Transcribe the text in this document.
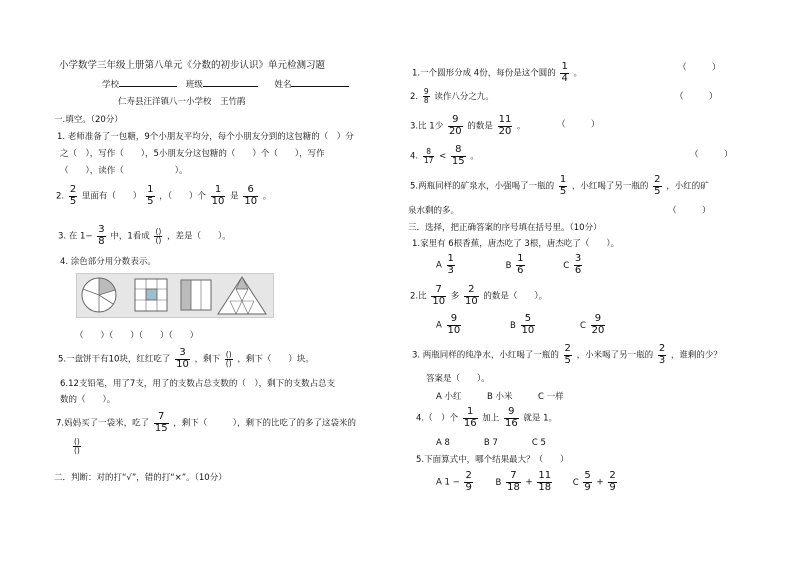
小学数学三年级上册第八单元《分数的初步认识》单元检测习题
学校	班级	姓名
仁寿县汪洋镇八一小学校　王竹鹃
一.填空。（20分）
1. 老师准备了一包糖，9个小朋友平均分，每个小朋友分到的这包糖的（　）分
之（　），写作（　　），5小朋友分这包糖的（　　）个（　　），写作
（　　），读作（　　　　　　）。
2. $\frac{2}{5}$ 里面有（　　） $\frac{1}{5}$ ，（　　）个 $\frac{1}{10}$ 是 $\frac{6}{10}$ 。
3. 在 $1- \frac{3}{8}$ 中，1看成
()
() ，差是（　　）。
4. 涂色部分用分数表示。
（　　）（　　）（　　）（　　）
5.一盘饼干有10块，红红吃了 $\frac{3}{10}$ ，剩下
()
() ，剩下（　　）块。
6.12支铅笔，用了7支，用了的支数占总支数的（　），剩下的支数占总支
数的（　　）。
7.妈妈买了一袋米，吃了 $\frac{7}{15}$ ，剩下（　　　），剩下的比吃了的多了这袋米的
()
()
二．判断：对的打“√”，错的打“×”。（10分）
1.一个圆形分成 4份，每份是这个圆的 $\frac{1}{4}$ 。
（　　　）
2. $\frac{9}{8}$ 读作八分之九。	（　　　）
3.比 1少 $\frac{9}{20}$ 的数是 $\frac{11}{20}$ 。	（　　　）
4. $\frac{8}{17} < \frac{8}{15}$ 。	（　　　）
5.两瓶同样的矿泉水，小强喝了一瓶的 $\frac{1}{5}$ ，小红喝了另一瓶的 $\frac{2}{5}$ ，小红的矿
泉水剩的多。	（　　　）
三．选择，把正确答案的序号填在括号里。（10分）
1.家里有 6根香蕉，唐杰吃了 3根，唐杰吃了（　　）。
A $\frac{1}{3}$	B $\frac{1}{6}$	C $\frac{3}{6}$
2.比 $\frac{7}{10}$ 多 $\frac{2}{10}$ 的数是（　　）。
A $\frac{9}{10}$	B $\frac{5}{10}$	C $\frac{9}{20}$
3. 两瓶同样的纯净水，小红喝了一瓶的 $\frac{2}{5}$ ，小米喝了另一瓶的 $\frac{2}{3}$ ，谁剩的少？
答案是（　　）。
A 小红　　　B 小米　　　C 一样
4.（　）个 $\frac{1}{16}$ 加上 $\frac{9}{16}$ 就是 1。
A 8　　　　B 7　　　　C 5
5.下面算式中，哪个结果最大？（　　）
A $1 - \frac{2}{9}$	B $\frac{7}{18} + \frac{11}{18}$ C $\frac{5}{9} + \frac{2}{9}$
